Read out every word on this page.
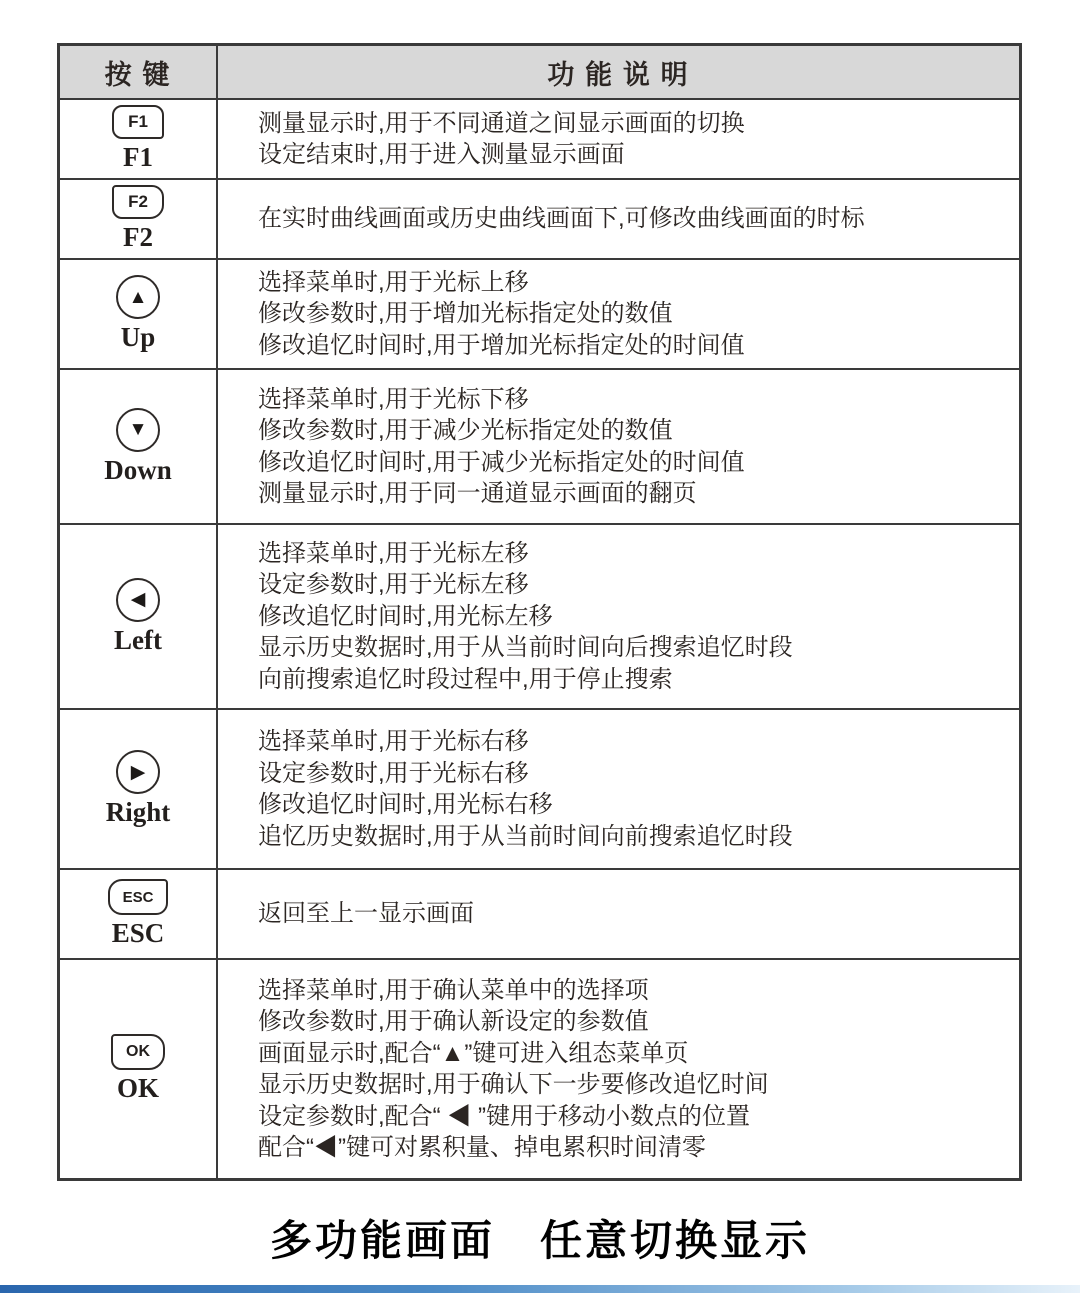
按 键	功 能 说 明
F1
F1
测量显示时,用于不同通道之间显示画面的切换
设定结束时,用于进入测量显示画面
F2
F2
在实时曲线画面或历史曲线画面下,可修改曲线画面的时标
▲
Up
选择菜单时,用于光标上移
修改参数时,用于增加光标指定处的数值
修改追忆时间时,用于增加光标指定处的时间值
▼
Down
选择菜单时,用于光标下移
修改参数时,用于减少光标指定处的数值
修改追忆时间时,用于减少光标指定处的时间值
测量显示时,用于同一通道显示画面的翻页
◀
Left
选择菜单时,用于光标左移
设定参数时,用于光标左移
修改追忆时间时,用光标左移
显示历史数据时,用于从当前时间向后搜索追忆时段
向前搜索追忆时段过程中,用于停止搜索
▶
Right
选择菜单时,用于光标右移
设定参数时,用于光标右移
修改追忆时间时,用光标右移
追忆历史数据时,用于从当前时间向前搜索追忆时段
ESC
ESC
返回至上一显示画面
OK
OK
选择菜单时,用于确认菜单中的选择项
修改参数时,用于确认新设定的参数值
画面显示时,配合“▲”键可进入组态菜单页
显示历史数据时,用于确认下一步要修改追忆时间
设定参数时,配合“ ◀ ”键用于移动小数点的位置
配合“◀”键可对累积量、掉电累积时间清零
多功能画面　任意切换显示
